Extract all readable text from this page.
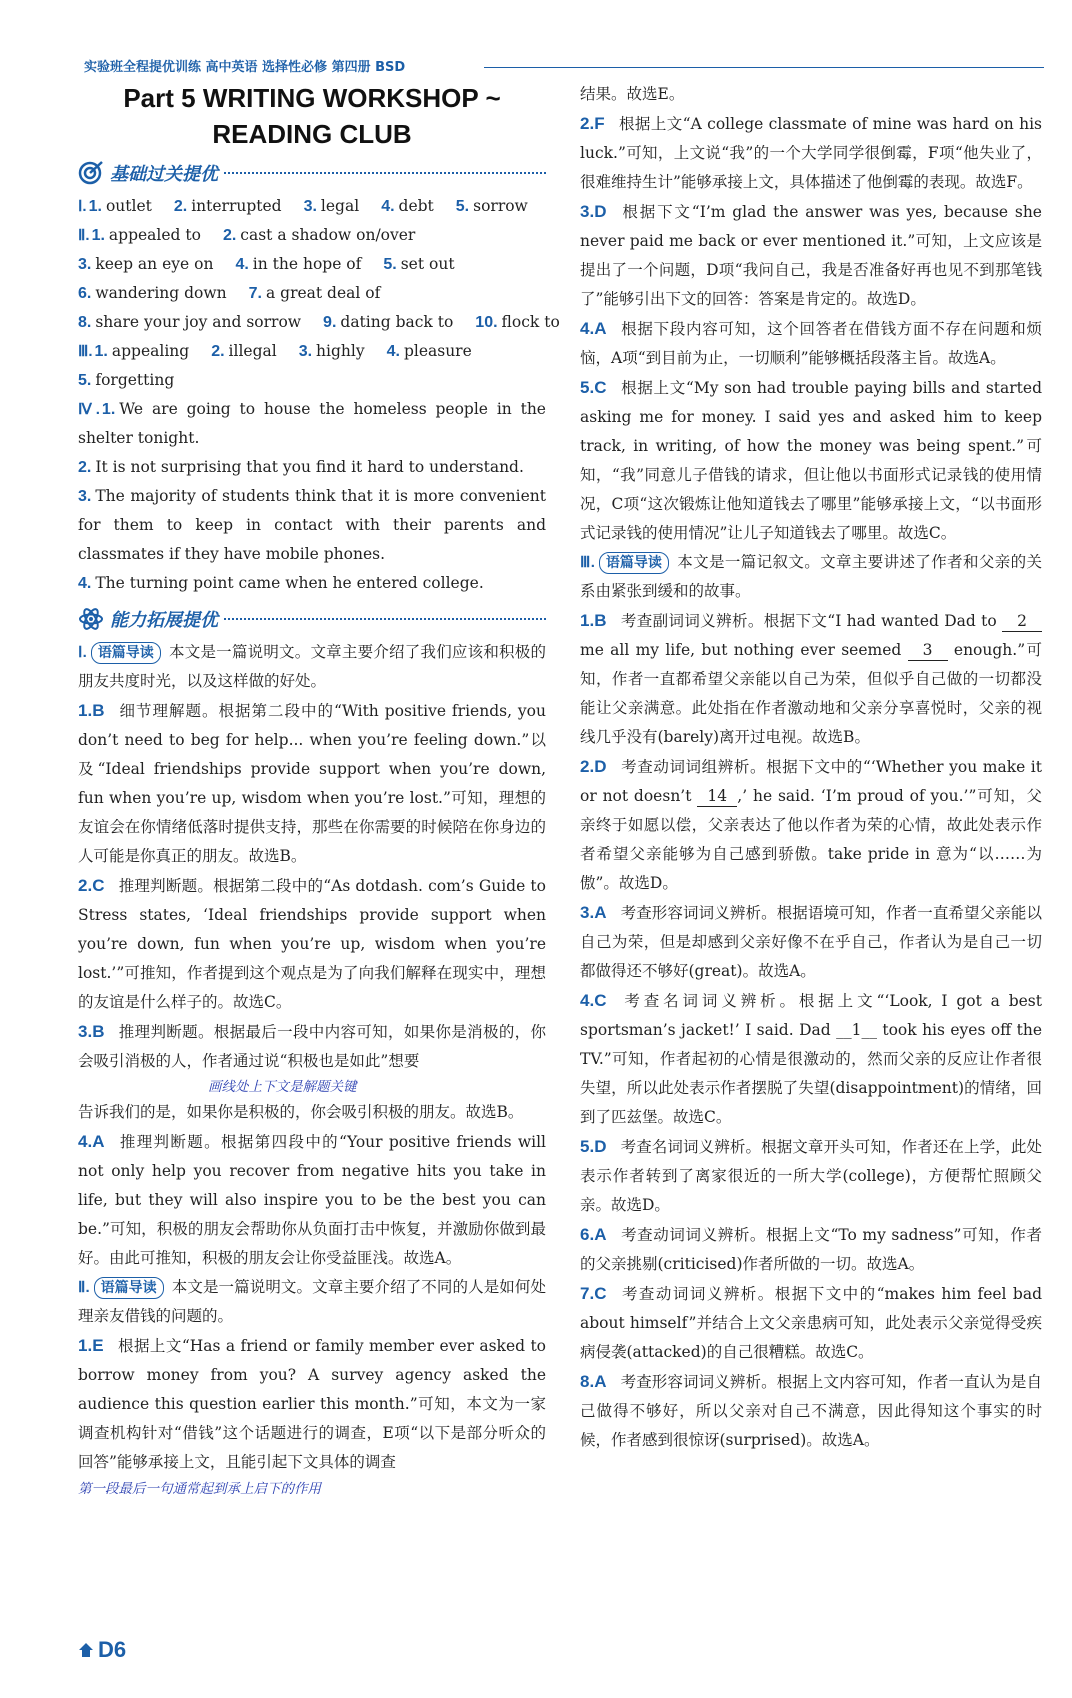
实验班全程提优训练 高中英语 选择性必修 第四册 BSD
Part 5 WRITING WORKSHOP ~
READING CLUB
基础过关提优
Ⅰ. 1. outlet 2. interrupted 3. legal 4. debt 5. sorrow
Ⅱ. 1. appealed to 2. cast a shadow on/over
3. keep an eye on 4. in the hope of 5. set out
6. wandering down 7. a great deal of
8. share your joy and sorrow 9. dating back to 10. flock to
Ⅲ. 1. appealing 2. illegal 3. highly 4. pleasure
5. forgetting
Ⅳ. 1. We are going to house the homeless people in the shelter tonight.
2. It is not surprising that you find it hard to understand.
3. The majority of students think that it is more convenient for them to keep in contact with their parents and classmates if they have mobile phones.
4. The turning point came when he entered college.
能力拓展提优
Ⅰ. 语篇导读 本文是一篇说明文。文章主要介绍了我们应该和积极的朋友共度时光，以及这样做的好处。
1.B 细节理解题。根据第二段中的“With positive friends, you don’t need to beg for help... when you’re feeling down.”以及“Ideal friendships provide support when you’re down, fun when you’re up, wisdom when you’re lost.”可知，理想的友谊会在你情绪低落时提供支持，那些在你需要的时候陪在你身边的人可能是你真正的朋友。故选B。
2.C 推理判断题。根据第二段中的“As dotdash. com’s Guide to Stress states, ‘Ideal friendships provide support when you’re down, fun when you’re up, wisdom when you’re lost.’”可推知，作者提到这个观点是为了向我们解释在现实中，理想的友谊是什么样子的。故选C。
3.B 推理判断题。根据最后一段中内容可知，如果你是消极的，你会吸引消极的人，作者通过说“积极也是如此”想要
画线处上下文是解题关键
告诉我们的是，如果你是积极的，你会吸引积极的朋友。故选B。
4.A 推理判断题。根据第四段中的“Your positive friends will not only help you recover from negative hits you take in life, but they will also inspire you to be the best you can be.”可知，积极的朋友会帮助你从负面打击中恢复，并激励你做到最好。由此可推知，积极的朋友会让你受益匪浅。故选A。
Ⅱ. 语篇导读 本文是一篇说明文。文章主要介绍了不同的人是如何处理亲友借钱的问题的。
1.E 根据上文“Has a friend or family member ever asked to borrow money from you? A survey agency asked the audience this question earlier this month.”可知，本文为一家调查机构针对“借钱”这个话题进行的调查，E项“以下是部分听众的回答”能够承接上文，且能引起下文具体的调查
第一段最后一句通常起到承上启下的作用
结果。故选E。
2.F 根据上文“A college classmate of mine was hard on his luck.”可知，上文说“我”的一个大学同学很倒霉，F项“他失业了，很难维持生计”能够承接上文，具体描述了他倒霉的表现。故选F。
3.D 根据下文“I’m glad the answer was yes, because she never paid me back or ever mentioned it.”可知，上文应该是提出了一个问题，D项“我问自己，我是否准备好再也见不到那笔钱了”能够引出下文的回答：答案是肯定的。故选D。
4.A 根据下段内容可知，这个回答者在借钱方面不存在问题和烦恼，A项“到目前为止，一切顺利”能够概括段落主旨。故选A。
5.C 根据上文“My son had trouble paying bills and started asking me for money. I said yes and asked him to keep track, in writing, of how the money was being spent.”可知，“我”同意儿子借钱的请求，但让他以书面形式记录钱的使用情况，C项“这次锻炼让他知道钱去了哪里”能够承接上文，“以书面形式记录钱的使用情况”让儿子知道钱去了哪里。故选C。
Ⅲ. 语篇导读 本文是一篇记叙文。文章主要讲述了作者和父亲的关系由紧张到缓和的故事。
1.B 考查副词词义辨析。根据下文“I had wanted Dad to 2 me all my life, but nothing ever seemed 3 enough.”可知，作者一直都希望父亲能以自己为荣，但似乎自己做的一切都没能让父亲满意。此处指在作者激动地和父亲分享喜悦时，父亲的视线几乎没有(barely)离开过电视。故选B。
2.D 考查动词词组辨析。根据下文中的“‘Whether you make it or not doesn’t 14 ,’ he said. ‘I’m proud of you.’”可知，父亲终于如愿以偿，父亲表达了他以作者为荣的心情，故此处表示作者希望父亲能够为自己感到骄傲。take pride in 意为“以……为傲”。故选D。
3.A 考查形容词词义辨析。根据语境可知，作者一直希望父亲能以自己为荣，但是却感到父亲好像不在乎自己，作者认为是自己一切都做得还不够好(great)。故选A。
4.C 考查名词词义辨析。根据上文“‘Look, I got a best sportsman’s jacket!’ I said. Dad __1__ took his eyes off the TV.”可知，作者起初的心情是很激动的，然而父亲的反应让作者很失望，所以此处表示作者摆脱了失望(disappointment)的情绪，回到了匹兹堡。故选C。
5.D 考查名词词义辨析。根据文章开头可知，作者还在上学，此处表示作者转到了离家很近的一所大学(college)，方便帮忙照顾父亲。故选D。
6.A 考查动词词义辨析。根据上文“To my sadness”可知，作者的父亲挑剔(criticised)作者所做的一切。故选A。
7.C 考查动词词义辨析。根据下文中的“makes him feel bad about himself”并结合上文父亲患病可知，此处表示父亲觉得受疾病侵袭(attacked)的自己很糟糕。故选C。
8.A 考查形容词词义辨析。根据上文内容可知，作者一直认为是自己做得不够好，所以父亲对自己不满意，因此得知这个事实的时候，作者感到很惊讶(surprised)。故选A。
D6
